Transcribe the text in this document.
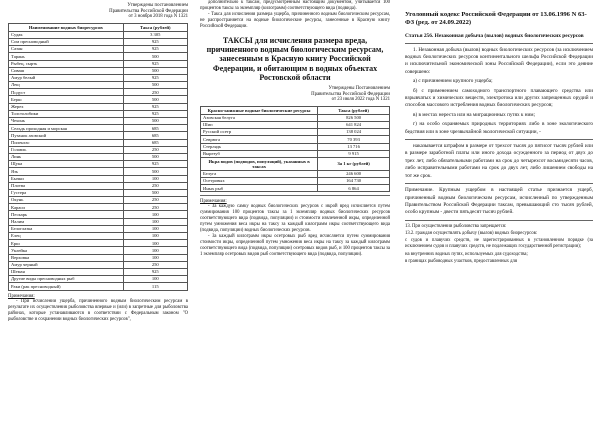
Утверждены постановлением
Правительства Российской Федерации
от 3 ноября 2018 года N 1321
Наименование водных биоресурсов	Такса (рублей)
Судак	3 305
Сом пресноводный	925
Сазан	925
Тарань	500
Рыбец, сырть	925
Сиваш	500
Амур белый	925
Лещ	500
Подуст	250
Берш	500
Жерех	925
Толстолобики	925
Чехонь	500
Сельдь проходная и морская	685
Пузанок азовский	685
Пиленгас	685
Голавль	250
Линь	500
Щука	925
Язь	500
Бычки	100
Плотва	250
Густера	500
Окунь	250
Караси	250
Пескарь	100
Налим	100
Белоглазка	100
Елец	100
Ерш	100
Уклейка	100
Верховка	100
Амур черный	250
Шемая	925
Другие виды пресноводных рыб	100
Раки (рак пресноводный)	115
Примечания:

- При исчислении ущерба, причиненного водным биологическим ресурсам в результате их осуществления рыболовства впервые и (или) в запретные для рыболовства районах, которые устанавливаются в соответствии с Федеральным законом "О рыболовстве и сохранении водных биологических ресурсов",

дополнительно к таксам, предусмотренным настоящим документом, учитывается 100 процентов таксы за экземпляр (килограмм) соответствующего вида (подвида).

- Такса для исчисления размера ущерба, причиненного водным биологическим ресурсам, не распространяется на водные биологические ресурсы, занесенные в Красную книгу Российской Федерации.

ТАКСЫ для исчисления размера вреда, причиненного водным биологическим ресурсам, занесенным в Красную книгу Российской Федерации, и обитающим в водных объектах Ростовской области
Утверждены Постановлением
Правительства Российской Федерации
от 23 июля 2022 года N 1321
Красно-книжные водные биологические ресурсы	Такса (рублей)
Азовская белуга	826 500
Шип	641 824
Русский осетр	138 024
Севрюга	70 393
Стерлядь	13 716
Вырезуб	9 915
Икра видов (подвидов, популяций), указанных в таксах	За 1 кг (рублей)
Белуга	246 600
Осетровых	164 730
Иных рыб	6 864
Примечания:

- За каждую самку водных биологических ресурсов с икрой вред исчисляется путем суммирования 100 процентов таксы за 1 экземпляр водных биологических ресурсов соответствующего вида (подвида, популяции) и стоимости извлеченной икры, определенной путем умножения веса икры на таксу за каждый килограмм икры соответствующего вида (подвида, популяции) водных биологических ресурсов.

- За каждый килограмм икры осетровых рыб вред исчисляется путем суммирования стоимости икры, определенной путем умножения веса икры на таксу за каждый килограмм соответствующего вида (подвида, популяции) осетровых видов рыб, и 100 процентов таксы за 1 экземпляр осетровых видов рыб соответствующего вида (подвида, популяции).

Уголовный кодекс Российской Федерации от 13.06.1996 N 63-ФЗ (ред. от 24.09.2022)
Статья 256. Незаконная добыча (вылов) водных биологических ресурсов

1. Незаконная добыча (вылов) водных биологических ресурсов (за исключением водных биологических ресурсов континентального шельфа Российской Федерации и исключительной экономической зоны Российской Федерации), если это деяние совершено:

а) с причинением крупного ущерба;

б) с применением самоходного транспортного плавающего средства или взрывчатых и химических веществ, электротока или других запрещенных орудий и способов массового истребления водных биологических ресурсов;

в) в местах нереста или на миграционных путях к ним;

г) на особо охраняемых природных территориях либо в зоне экологического бедствия или в зоне чрезвычайной экологической ситуации, -

наказывается штрафом в размере от трехсот тысяч до пятисот тысяч рублей или в размере заработной платы или иного дохода осужденного за период от двух до трех лет, либо обязательными работами на срок до четырехсот восьмидесяти часов, либо исправительными работами на срок до двух лет, либо лишением свободы на тот же срок.

Примечание. Крупным ущербом в настоящей статье признается ущерб, причиненный водным биологическим ресурсам, исчисленный по утвержденным Правительством Российской Федерации таксам, превышающий сто тысяч рублей, особо крупным - двести пятьдесят тысяч рублей.

13. При осуществлении рыболовства запрещается:

13.2. граждан осуществлять добычу (вылов) водных биоресурсов:

с судов и плавучих средств, не зарегистрированных в установленном порядке (за исключением судов и плавучих средств, не подлежащих государственной регистрации);

на внутренних водных путях, используемых для судоходства;

в границах рыбоводных участков, предоставленных для
